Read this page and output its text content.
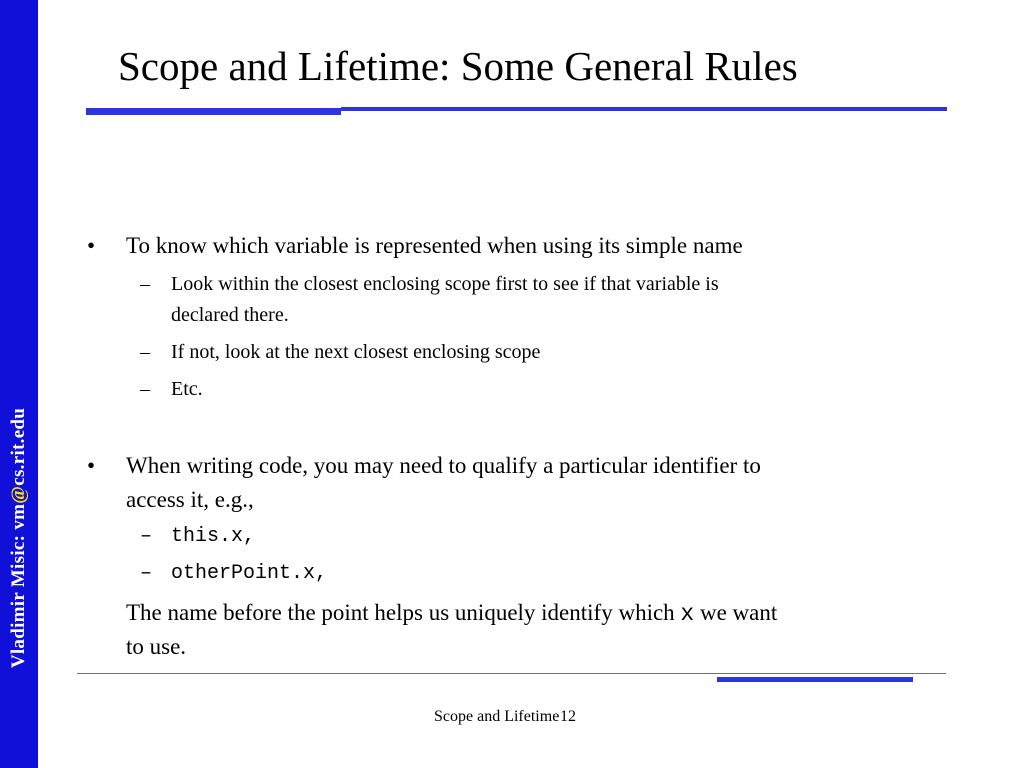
Vladimir Misic: vm@cs.rit.edu
Scope and Lifetime: Some General Rules
• To know which variable is represented when using its simple name
– Look within the closest enclosing scope first to see if that variable is
declared there.
– If not, look at the next closest enclosing scope
– Etc.
• When writing code, you may need to qualify a particular identifier to
access it, e.g.,
– this.x,
– otherPoint.x,
The name before the point helps us uniquely identify which x we want
to use.
Scope and Lifetime 12
